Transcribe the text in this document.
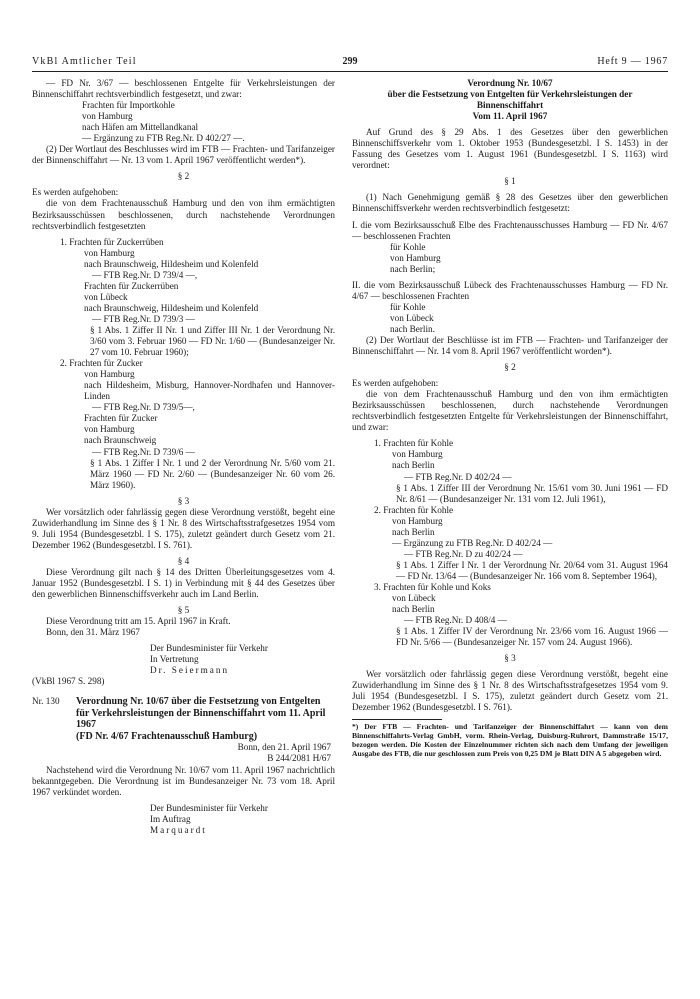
VkBl Amtlicher Teil	299	Heft 9 — 1967

— FD Nr. 3/67 — beschlossenen Entgelte für Verkehrsleistungen der Binnenschiffahrt rechtsverbindlich festgesetzt, und zwar:

Frachten für Importkohle

von Hamburg

nach Häfen am Mittellandkanal

— Ergänzung zu FTB Reg.Nr. D 402/27 —.

(2) Der Wortlaut des Beschlusses wird im FTB — Frachten- und Tarifanzeiger der Binnenschiffahrt — Nr. 13 vom 1. April 1967 veröffentlicht werden*).

§ 2

Es werden aufgehoben:

die von dem Frachtenausschuß Hamburg und den von ihm ermächtigten Bezirksausschüssen beschlossenen, durch nachstehende Verordnungen rechtsverbindlich festgesetzten

1. Frachten für Zuckerrüben

von Hamburg

nach Braunschweig, Hildesheim und Kolenfeld

— FTB Reg.Nr. D 739/4 —,

Frachten für Zuckerrüben

von Lübeck

nach Braunschweig, Hildesheim und Kolenfeld

— FTB Reg.Nr. D 739/3 —

§ 1 Abs. 1 Ziffer II Nr. 1 und Ziffer III Nr. 1 der Verordnung Nr. 3/60 vom 3. Februar 1960 — FD Nr. 1/60 — (Bundesanzeiger Nr. 27 vom 10. Februar 1960);

2. Frachten für Zucker

von Hamburg

nach Hildesheim, Misburg, Hannover-Nordhafen und Hannover-Linden

— FTB Reg.Nr. D 739/5—,

Frachten für Zucker

von Hamburg

nach Braunschweig

— FTB Reg.Nr. D 739/6 —

§ 1 Abs. 1 Ziffer I Nr. 1 und 2 der Verordnung Nr. 5/60 vom 21. März 1960 — FD Nr. 2/60 — (Bundesanzeiger Nr. 60 vom 26. März 1960).

§ 3

Wer vorsätzlich oder fahrlässig gegen diese Verordnung verstößt, begeht eine Zuwiderhandlung im Sinne des § 1 Nr. 8 des Wirtschaftsstrafgesetzes 1954 vom 9. Juli 1954 (Bundesgesetzbl. I S. 175), zuletzt geändert durch Gesetz vom 21. Dezember 1962 (Bundesgesetzbl. I S. 761).

§ 4

Diese Verordnung gilt nach § 14 des Dritten Überleitungsgesetzes vom 4. Januar 1952 (Bundesgesetzbl. I S. 1) in Verbindung mit § 44 des Gesetzes über den gewerblichen Binnenschiffsverkehr auch im Land Berlin.

§ 5

Diese Verordnung tritt am 15. April 1967 in Kraft.

Bonn, den 31. März 1967

Der Bundesminister für Verkehr

In Vertretung

Dr. Seiermann

(VkBl 1967 S. 298)

Nr. 130	Verordnung Nr. 10/67 über die Festsetzung von Entgelten für Verkehrsleistungen der Binnenschiffahrt vom 11. April 1967

(FD Nr. 4/67 Frachtenausschuß Hamburg)

Bonn, den 21. April 1967

B 244/2081 H/67

Nachstehend wird die Verordnung Nr. 10/67 vom 11. April 1967 nachrichtlich bekanntgegeben. Die Verordnung ist im Bundesanzeiger Nr. 73 vom 18. April 1967 verkündet worden.

Der Bundesminister für Verkehr

Im Auftrag

Marquardt

Verordnung Nr. 10/67

über die Festsetzung von Entgelten für Verkehrsleistungen der Binnenschiffahrt

Vom 11. April 1967

Auf Grund des § 29 Abs. 1 des Gesetzes über den gewerblichen Binnenschiffsverkehr vom 1. Oktober 1953 (Bundesgesetzbl. I S. 1453) in der Fassung des Gesetzes vom 1. August 1961 (Bundesgesetzbl. I S. 1163) wird verordnet:

§ 1

(1) Nach Genehmigung gemäß § 28 des Gesetzes über den gewerblichen Binnenschiffsverkehr werden rechtsverbindlich festgesetzt:

I. die vom Bezirksausschuß Elbe des Frachtenausschusses Hamburg — FD Nr. 4/67 — beschlossenen Frachten

für Kohle

von Hamburg

nach Berlin;

II. die vom Bezirksausschuß Lübeck des Frachtenausschusses Hamburg — FD Nr. 4/67 — beschlossenen Frachten

für Kohle

von Lübeck

nach Berlin.

(2) Der Wortlaut der Beschlüsse ist im FTB — Frachten- und Tarifanzeiger der Binnenschiffahrt — Nr. 14 vom 8. April 1967 veröffentlicht worden*).

§ 2

Es werden aufgehoben:

die von dem Frachtenausschuß Hamburg und den von ihm ermächtigten Bezirksausschüssen beschlossenen, durch nachstehende Verordnungen rechtsverbindlich festgesetzten Entgelte für Verkehrsleistungen der Binnenschiffahrt, und zwar:

1. Frachten für Kohle

von Hamburg

nach Berlin

— FTB Reg.Nr. D 402/24 —

§ 1 Abs. 1 Ziffer III der Verordnung Nr. 15/61 vom 30. Juni 1961 — FD Nr. 8/61 — (Bundesanzeiger Nr. 131 vom 12. Juli 1961),

2. Frachten für Kohle

von Hamburg

nach Berlin

— Ergänzung zu FTB Reg.Nr. D 402/24 —

— FTB Reg.Nr. D zu 402/24 —

§ 1 Abs. 1 Ziffer I Nr. 1 der Verordnung Nr. 20/64 vom 31. August 1964 — FD Nr. 13/64 — (Bundesanzeiger Nr. 166 vom 8. September 1964),

3. Frachten für Kohle und Koks

von Lübeck

nach Berlin

— FTB Reg.Nr. D 408/4 —

§ 1 Abs. 1 Ziffer IV der Verordnung Nr. 23/66 vom 16. August 1966 — FD Nr. 5/66 — (Bundesanzeiger Nr. 157 vom 24. August 1966).

§ 3

Wer vorsätzlich oder fahrlässig gegen diese Verordnung verstößt, begeht eine Zuwiderhandlung im Sinne des § 1 Nr. 8 des Wirtschaftsstrafgesetzes 1954 vom 9. Juli 1954 (Bundesgesetzbl. I S. 175), zuletzt geändert durch Gesetz vom 21. Dezember 1962 (Bundesgesetzbl. I S. 761).

*) Der FTB — Frachten- und Tarifanzeiger der Binnenschiffahrt — kann von dem Binnenschiffahrts-Verlag GmbH, vorm. Rhein-Verlag, Duisburg-Ruhrort, Dammstraße 15/17, bezogen werden. Die Kosten der Einzelnummer richten sich nach dem Umfang der jeweiligen Ausgabe des FTB, die nur geschlossen zum Preis von 0,25 DM je Blatt DIN A 5 abgegeben wird.
